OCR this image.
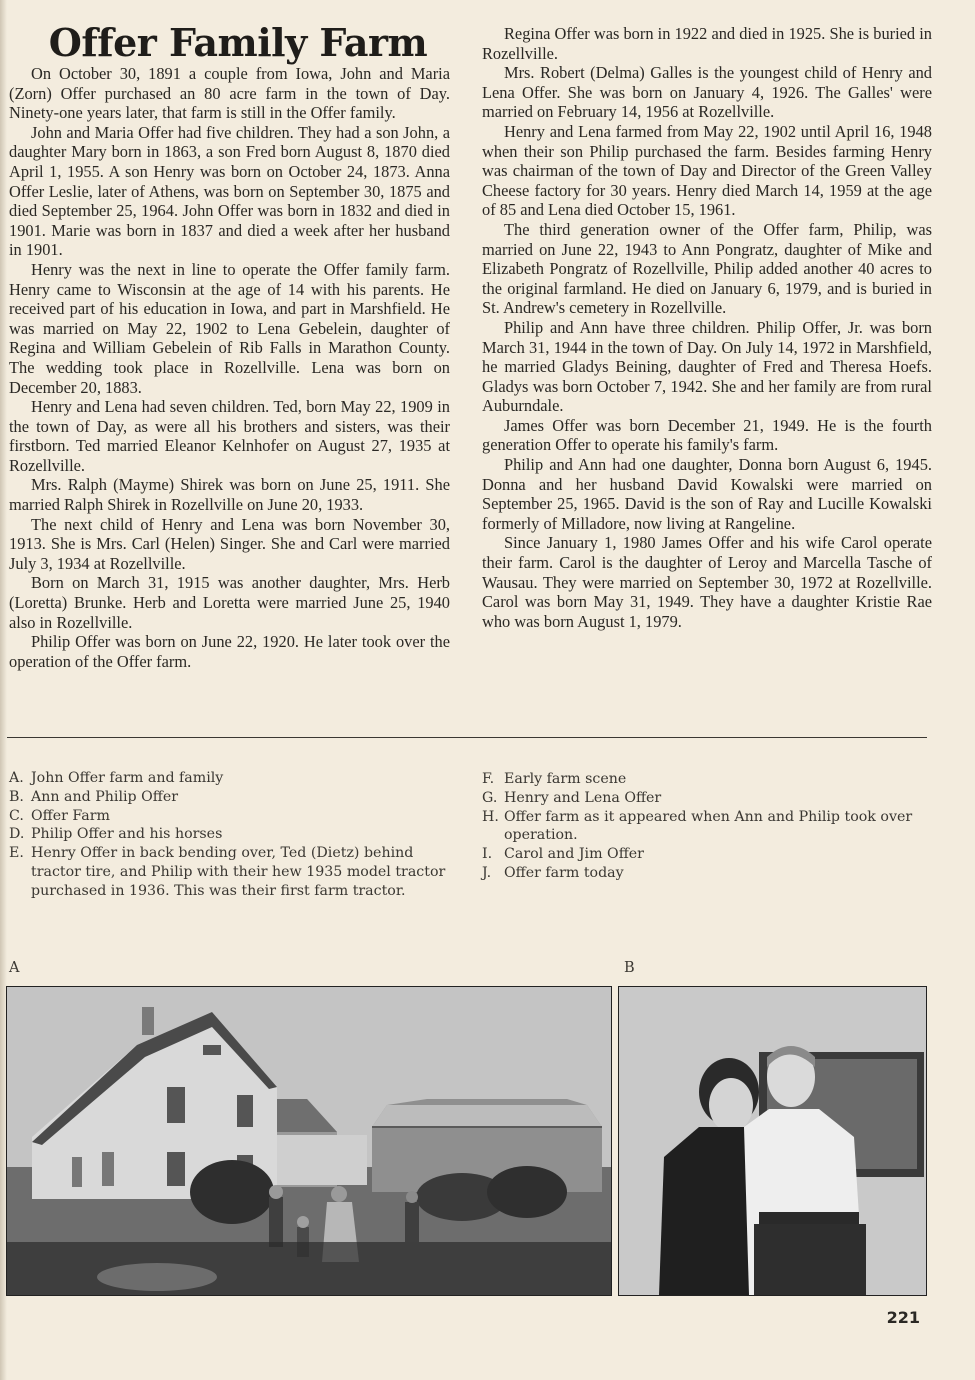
Offer Family Farm

On October 30, 1891 a couple from Iowa, John and Maria (Zorn) Offer purchased an 80 acre farm in the town of Day. Ninety-one years later, that farm is still in the Offer family.

John and Maria Offer had five children. They had a son John, a daughter Mary born in 1863, a son Fred born August 8, 1870 died April 1, 1955. A son Henry was born on October 24, 1873. Anna Offer Leslie, later of Athens, was born on September 30, 1875 and died September 25, 1964. John Offer was born in 1832 and died in 1901. Marie was born in 1837 and died a week after her husband in 1901.

Henry was the next in line to operate the Offer family farm. Henry came to Wisconsin at the age of 14 with his parents. He received part of his education in Iowa, and part in Marshfield. He was married on May 22, 1902 to Lena Gebelein, daughter of Regina and William Gebelein of Rib Falls in Marathon County. The wedding took place in Rozellville. Lena was born on December 20, 1883.

Henry and Lena had seven children. Ted, born May 22, 1909 in the town of Day, as were all his brothers and sisters, was their firstborn. Ted married Eleanor Kelnhofer on August 27, 1935 at Rozellville.

Mrs. Ralph (Mayme) Shirek was born on June 25, 1911. She married Ralph Shirek in Rozellville on June 20, 1933.

The next child of Henry and Lena was born November 30, 1913. She is Mrs. Carl (Helen) Singer. She and Carl were married July 3, 1934 at Rozellville.

Born on March 31, 1915 was another daughter, Mrs. Herb (Loretta) Brunke. Herb and Loretta were married June 25, 1940 also in Rozellville.

Philip Offer was born on June 22, 1920. He later took over the operation of the Offer farm.

Regina Offer was born in 1922 and died in 1925. She is buried in Rozellville.

Mrs. Robert (Delma) Galles is the youngest child of Henry and Lena Offer. She was born on January 4, 1926. The Galles' were married on February 14, 1956 at Rozellville.

Henry and Lena farmed from May 22, 1902 until April 16, 1948 when their son Philip purchased the farm. Besides farming Henry was chairman of the town of Day and Director of the Green Valley Cheese factory for 30 years. Henry died March 14, 1959 at the age of 85 and Lena died October 15, 1961.

The third generation owner of the Offer farm, Philip, was married on June 22, 1943 to Ann Pongratz, daughter of Mike and Elizabeth Pongratz of Rozellville, Philip added another 40 acres to the original farmland. He died on January 6, 1979, and is buried in St. Andrew's cemetery in Rozellville.

Philip and Ann have three children. Philip Offer, Jr. was born March 31, 1944 in the town of Day. On July 14, 1972 in Marshfield, he married Gladys Beining, daughter of Fred and Theresa Hoefs. Gladys was born October 7, 1942. She and her family are from rural Auburndale.

James Offer was born December 21, 1949. He is the fourth generation Offer to operate his family's farm.

Philip and Ann had one daughter, Donna born August 6, 1945. Donna and her husband David Kowalski were married on September 25, 1965. David is the son of Ray and Lucille Kowalski formerly of Milladore, now living at Rangeline.

Since January 1, 1980 James Offer and his wife Carol operate their farm. Carol is the daughter of Leroy and Marcella Tasche of Wausau. They were married on September 30, 1972 at Rozellville. Carol was born May 31, 1949. They have a daughter Kristie Rae who was born August 1, 1979.

A. John Offer farm and family
B. Ann and Philip Offer
C. Offer Farm
D. Philip Offer and his horses
E. Henry Offer in back bending over, Ted (Dietz) behind tractor tire, and Philip with their hew 1935 model tractor purchased in 1936. This was their first farm tractor.
F. Early farm scene
G. Henry and Lena Offer
H. Offer farm as it appeared when Ann and Philip took over operation.
I. Carol and Jim Offer
J. Offer farm today
A	B
221
